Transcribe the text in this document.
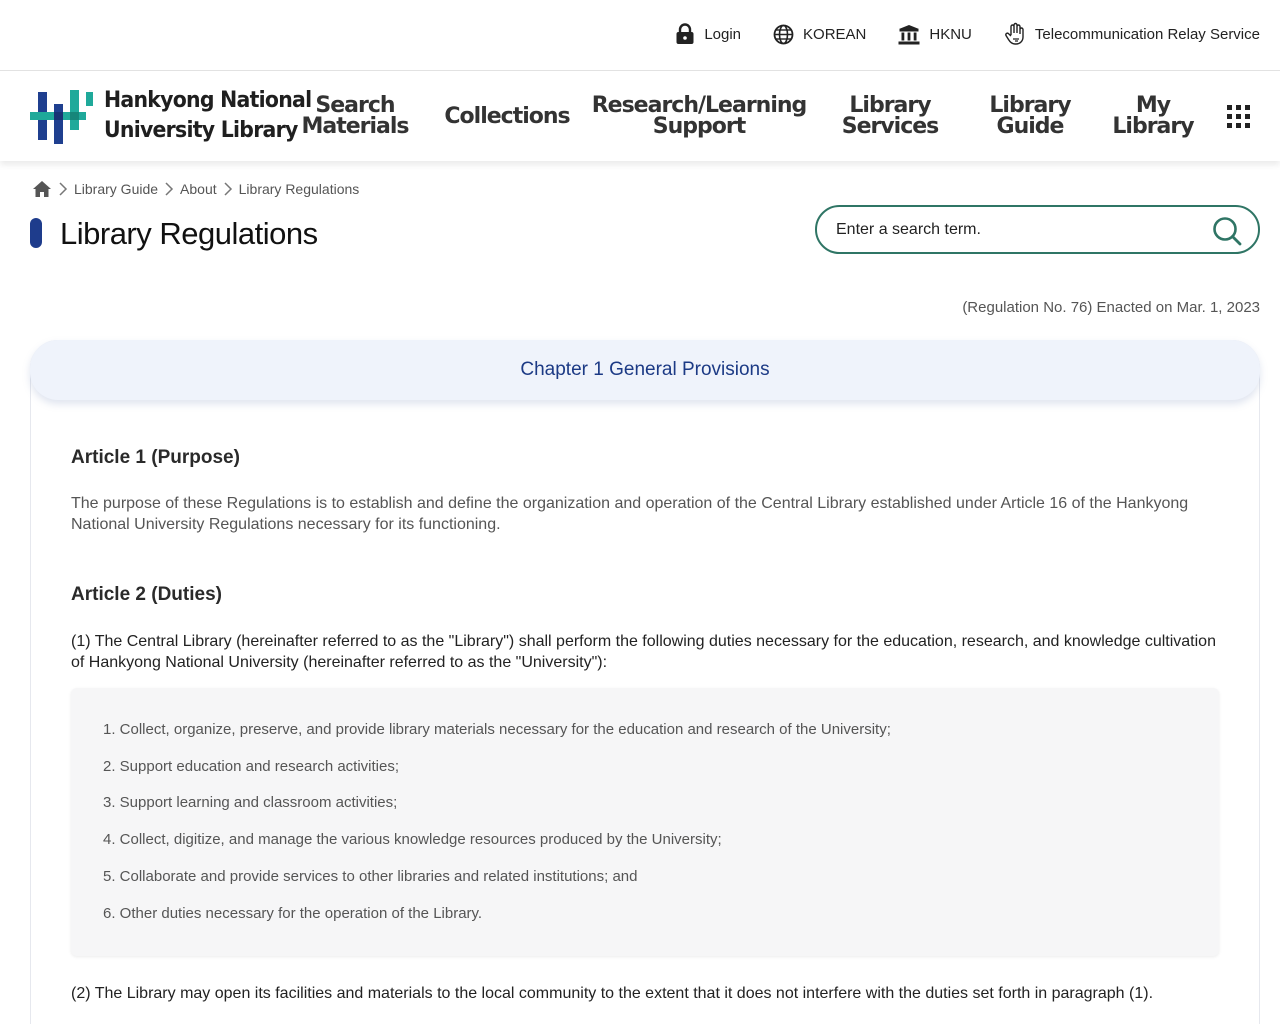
Login	KOREAN	HKNU	Telecommunication Relay Service
Hankyong National
University Library
Search
Materials Collections Research/Learning
Support
Library
Services
Library
Guide
My
Library
Library Guide About Library Regulations
Library Regulations
Enter a search term.
(Regulation No. 76) Enacted on Mar. 1, 2023
Chapter 1 General Provisions
Article 1 (Purpose)
The purpose of these Regulations is to establish and define the organization and operation of the Central Library established under Article 16 of the Hankyong National University Regulations necessary for its functioning.
Article 2 (Duties)
(1) The Central Library (hereinafter referred to as the "Library") shall perform the following duties necessary for the education, research, and knowledge cultivation of Hankyong National University (hereinafter referred to as the "University"):
1. Collect, organize, preserve, and provide library materials necessary for the education and research of the University;
2. Support education and research activities;
3. Support learning and classroom activities;
4. Collect, digitize, and manage the various knowledge resources produced by the University;
5. Collaborate and provide services to other libraries and related institutions; and
6. Other duties necessary for the operation of the Library.
(2) The Library may open its facilities and materials to the local community to the extent that it does not interfere with the duties set forth in paragraph (1).
